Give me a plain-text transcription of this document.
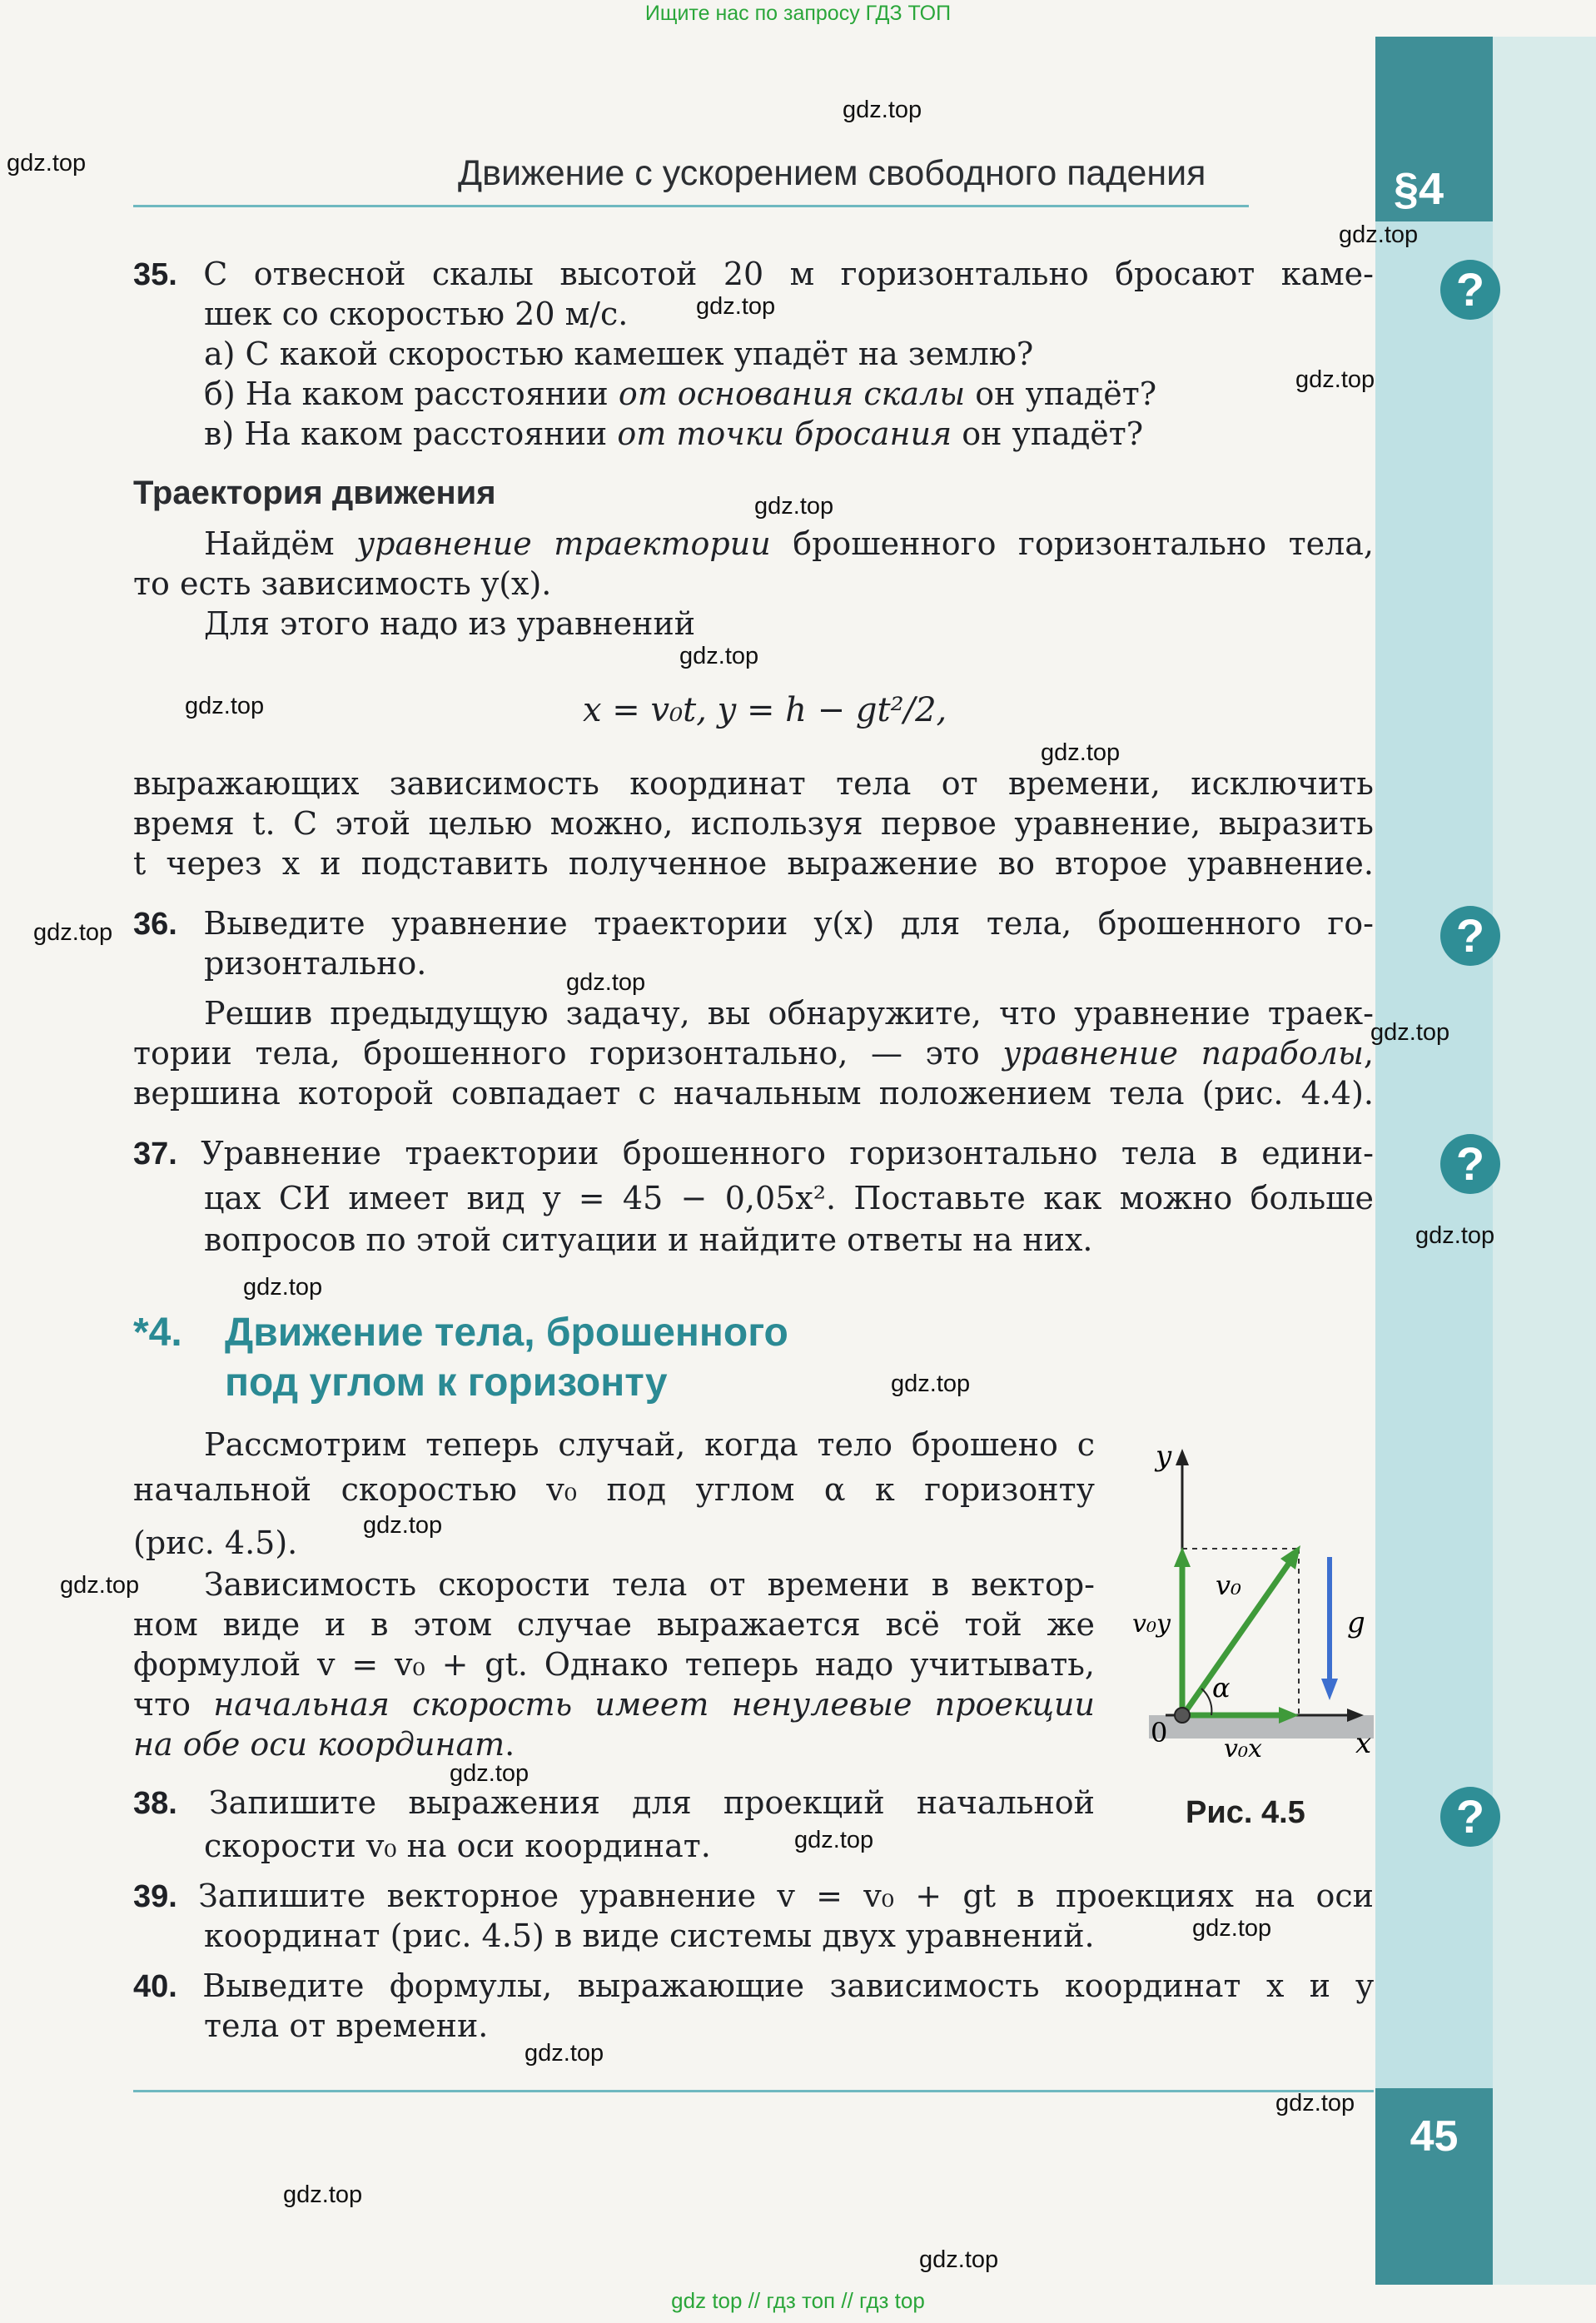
§4
45
Ищите нас по запросу ГДЗ ТОП
gdz top // гдз топ // гдз top
Движение с ускорением свободного падения
?
?
?
?
35. С отвесной скалы высотой 20 м горизонтально бросают каме-
шек со скоростью 20 м/с.
а) С какой скоростью камешек упадёт на землю?
б) На каком расстоянии от основания скалы он упадёт?
в) На каком расстоянии от точки бросания он упадёт?
Траектория движения
Найдём уравнение траектории брошенного горизонтально тела,
то есть зависимость y(x).
Для этого надо из уравнений
x = v₀t, y = h − gt²/2,
выражающих зависимость координат тела от времени, исключить
время t. С этой целью можно, используя первое уравнение, выразить
t через x и подставить полученное выражение во второе уравнение.
36. Выведите уравнение траектории y(x) для тела, брошенного го-
ризонтально.
Решив предыдущую задачу, вы обнаружите, что уравнение траек-
тории тела, брошенного горизонтально, — это уравнение параболы,
вершина которой совпадает с начальным положением тела (рис. 4.4).
37. Уравнение траектории брошенного горизонтально тела в едини-
цах СИ имеет вид y = 45 − 0,05x². Поставьте как можно больше
вопросов по этой ситуации и найдите ответы на них.
*4. Движение тела, брошенного
под углом к горизонту
Рассмотрим теперь случай, когда тело брошено с
начальной скоростью v₀ под углом α к горизонту
(рис. 4.5).
Зависимость скорости тела от времени в вектор-
ном виде и в этом случае выражается всё той же
формулой v = v₀ + gt. Однако теперь надо учитывать,
что начальная скорость имеет ненулевые проекции
на обе оси координат.
38. Запишите выражения для проекций начальной
скорости v₀ на оси координат.
39. Запишите векторное уравнение v = v₀ + gt в проекциях на оси
координат (рис. 4.5) в виде системы двух уравнений.
40. Выведите формулы, выражающие зависимость координат x и y
тела от времени.
y
x
0
v₀
v₀y
v₀x
g
α
Рис. 4.5
gdz.top
gdz.top
gdz.top
gdz.top
gdz.top
gdz.top
gdz.top
gdz.top
gdz.top
gdz.top
gdz.top
gdz.top
gdz.top
gdz.top
gdz.top
gdz.top
gdz.top
gdz.top
gdz.top
gdz.top
gdz.top
gdz.top
gdz.top
gdz.top
